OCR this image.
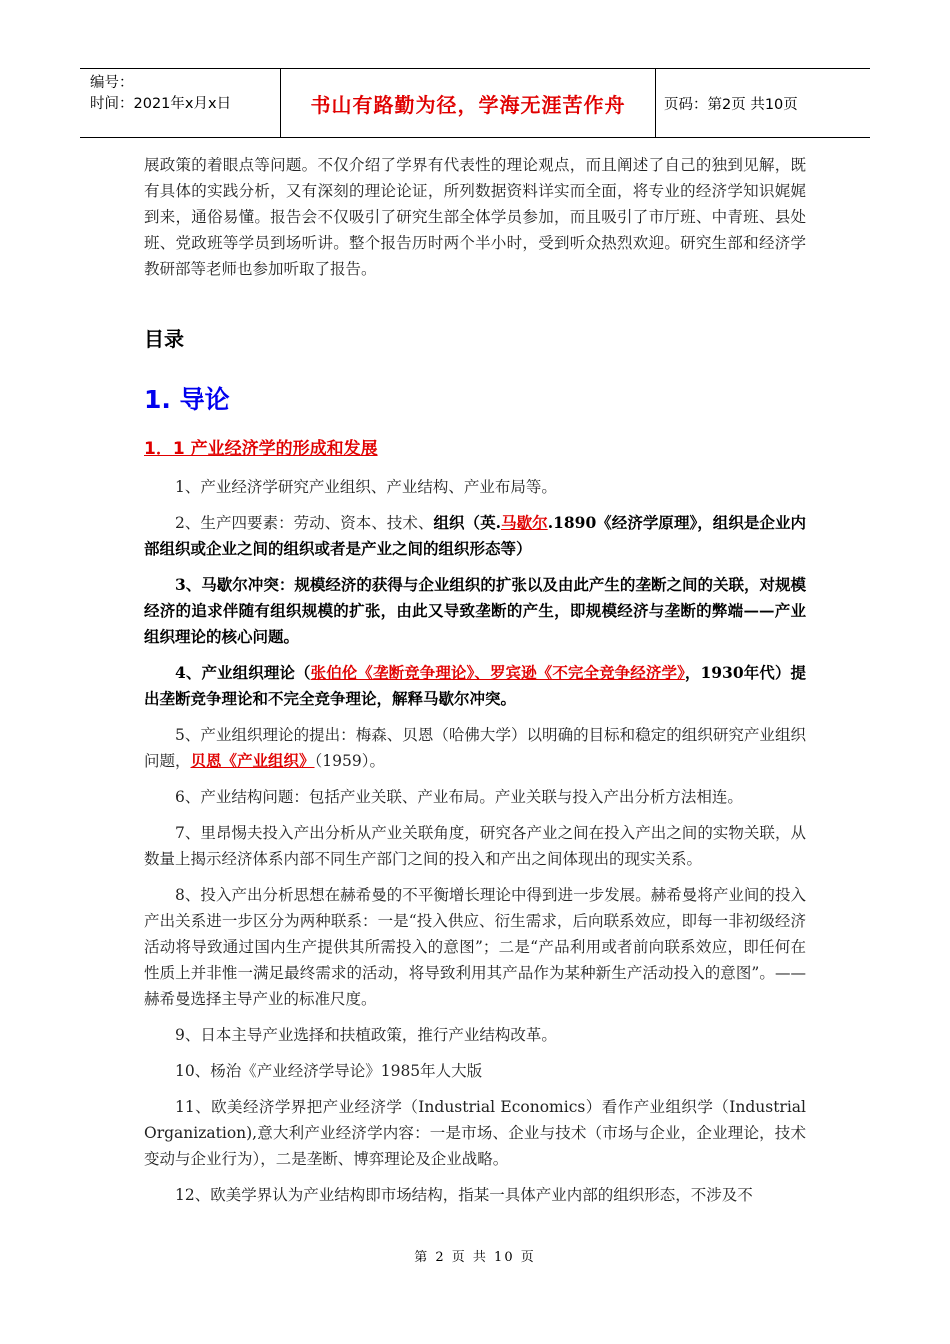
编号：
时间：2021年x月x日	书山有路勤为径，学海无涯苦作舟	页码：第2页 共10页

展政策的着眼点等问题。不仅介绍了学界有代表性的理论观点，而且阐述了自己的独到见解，既有具体的实践分析，又有深刻的理论论证，所列数据资料详实而全面，将专业的经济学知识娓娓到来，通俗易懂。报告会不仅吸引了研究生部全体学员参加，而且吸引了市厅班、中青班、县处班、党政班等学员到场听讲。整个报告历时两个半小时，受到听众热烈欢迎。研究生部和经济学教研部等老师也参加听取了报告。

目录
1. 导论
1．1 产业经济学的形成和发展

1、产业经济学研究产业组织、产业结构、产业布局等。

2、生产四要素：劳动、资本、技术、组织（英.马歇尔.1890《经济学原理》，组织是企业内部组织或企业之间的组织或者是产业之间的组织形态等）

3、马歇尔冲突：规模经济的获得与企业组织的扩张以及由此产生的垄断之间的关联，对规模经济的追求伴随有组织规模的扩张，由此又导致垄断的产生，即规模经济与垄断的弊端——产业组织理论的核心问题。

4、产业组织理论（张伯伦《垄断竞争理论》、罗宾逊《不完全竞争经济学》，1930年代）提出垄断竞争理论和不完全竞争理论，解释马歇尔冲突。

5、产业组织理论的提出：梅森、贝恩（哈佛大学）以明确的目标和稳定的组织研究产业组织问题，贝恩《产业组织》（1959）。

6、产业结构问题：包括产业关联、产业布局。产业关联与投入产出分析方法相连。

7、里昂惕夫投入产出分析从产业关联角度，研究各产业之间在投入产出之间的实物关联，从数量上揭示经济体系内部不同生产部门之间的投入和产出之间体现出的现实关系。

8、投入产出分析思想在赫希曼的不平衡增长理论中得到进一步发展。赫希曼将产业间的投入产出关系进一步区分为两种联系：一是“投入供应、衍生需求，后向联系效应，即每一非初级经济活动将导致通过国内生产提供其所需投入的意图”；二是“产品利用或者前向联系效应，即任何在性质上并非惟一满足最终需求的活动，将导致利用其产品作为某种新生产活动投入的意图”。——赫希曼选择主导产业的标准尺度。

9、日本主导产业选择和扶植政策，推行产业结构改革。

10、杨治《产业经济学导论》1985年人大版

11、欧美经济学界把产业经济学（Industrial Economics）看作产业组织学（Industrial Organization),意大利产业经济学内容：一是市场、企业与技术（市场与企业，企业理论，技术变动与企业行为），二是垄断、博弈理论及企业战略。

12、欧美学界认为产业结构即市场结构，指某一具体产业内部的组织形态，不涉及不

第 2 页 共 10 页
